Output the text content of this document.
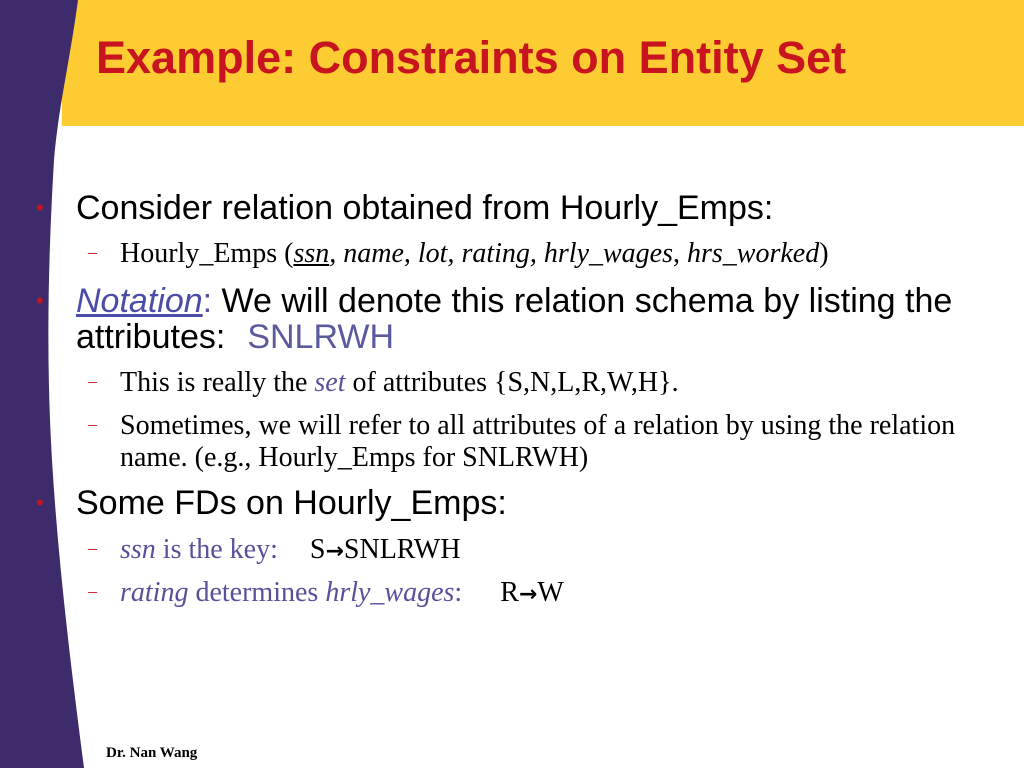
Example: Constraints on Entity Set

• Consider relation obtained from Hourly_Emps:

– Hourly_Emps (ssn, name, lot, rating, hrly_wages, hrs_worked)

• Notation: We will denote this relation schema by listing the attributes: SNLRWH

– This is really the set of attributes {S,N,L,R,W,H}.

– Sometimes, we will refer to all attributes of a relation by using the relation name. (e.g., Hourly_Emps for SNLRWH)

• Some FDs on Hourly_Emps:

– ssn is the key: S→SNLRWH

– rating determines hrly_wages: R→W

Dr. Nan Wang
